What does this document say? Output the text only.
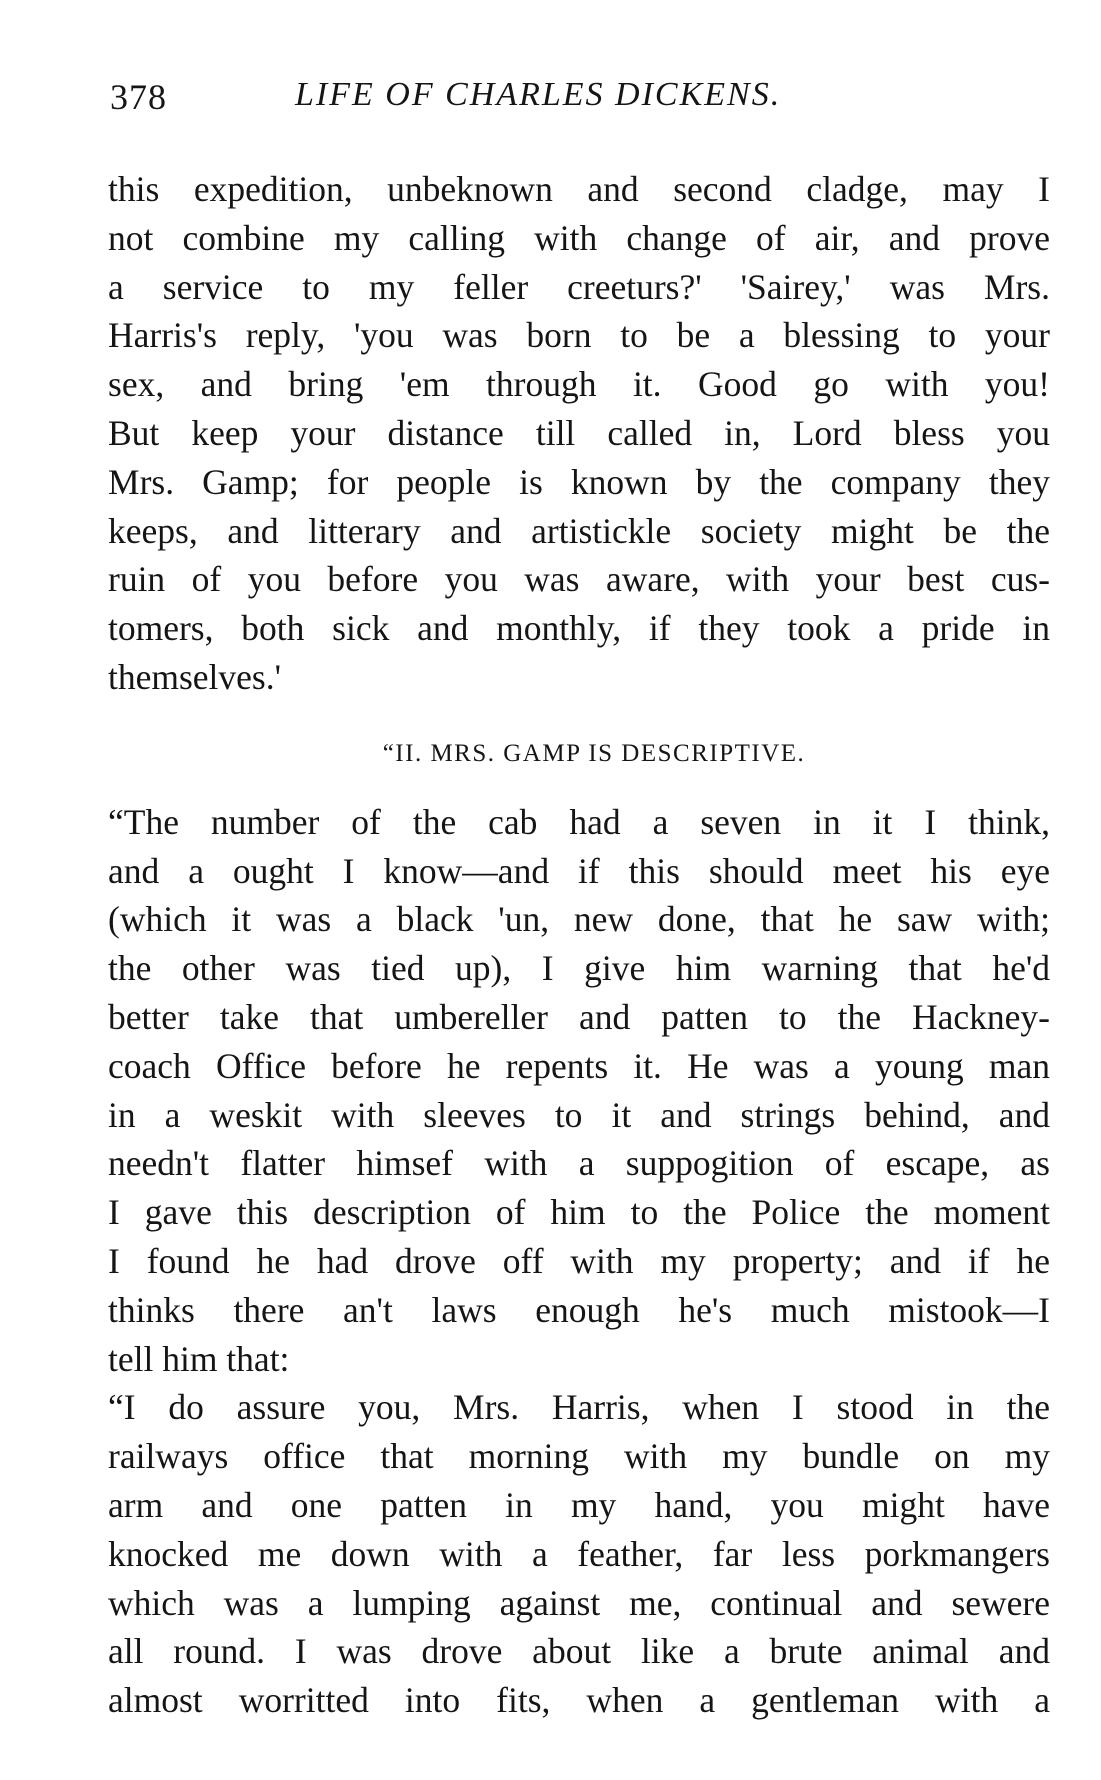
378	LIFE OF CHARLES DICKENS.
this expedition, unbeknown and second cladge, may I
not combine my calling with change of air, and prove
a service to my feller creeturs?' 'Sairey,' was Mrs.
Harris's reply, 'you was born to be a blessing to your
sex, and bring 'em through it. Good go with you!
But keep your distance till called in, Lord bless you
Mrs. Gamp; for people is known by the company they
keeps, and litterary and artistickle society might be the
ruin of you before you was aware, with your best cus-
tomers, both sick and monthly, if they took a pride in
themselves.'
“II. MRS. GAMP IS DESCRIPTIVE.
“The number of the cab had a seven in it I think,
and a ought I know—and if this should meet his eye
(which it was a black 'un, new done, that he saw with;
the other was tied up), I give him warning that he'd
better take that umbereller and patten to the Hackney-
coach Office before he repents it. He was a young man
in a weskit with sleeves to it and strings behind, and
needn't flatter himsef with a suppogition of escape, as
I gave this description of him to the Police the moment
I found he had drove off with my property; and if he
thinks there an't laws enough he's much mistook—I
tell him that:
“I do assure you, Mrs. Harris, when I stood in the
railways office that morning with my bundle on my
arm and one patten in my hand, you might have
knocked me down with a feather, far less porkmangers
which was a lumping against me, continual and sewere
all round. I was drove about like a brute animal and
almost worritted into fits, when a gentleman with a
